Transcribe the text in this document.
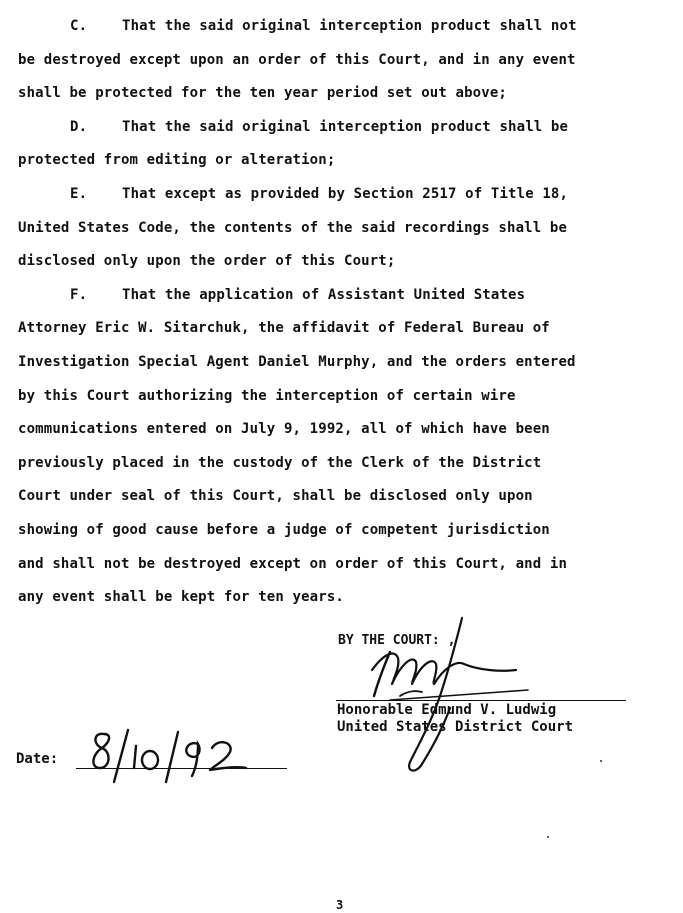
C. That the said original interception product shall not

be destroyed except upon an order of this Court, and in any event

shall be protected for the ten year period set out above;

D. That the said original interception product shall be

protected from editing or alteration;

E. That except as provided by Section 2517 of Title 18,

United States Code, the contents of the said recordings shall be

disclosed only upon the order of this Court;

F. That the application of Assistant United States

Attorney Eric W. Sitarchuk, the affidavit of Federal Bureau of

Investigation Special Agent Daniel Murphy, and the orders entered

by this Court authorizing the interception of certain wire

communications entered on July 9, 1992, all of which have been

previously placed in the custody of the Clerk of the District

Court under seal of this Court, shall be disclosed only upon

showing of good cause before a judge of competent jurisdiction

and shall not be destroyed except on order of this Court, and in

any event shall be kept for ten years.

BY THE COURT: ,
Honorable Edmund V. Ludwig
United States District Court
Date:
3
